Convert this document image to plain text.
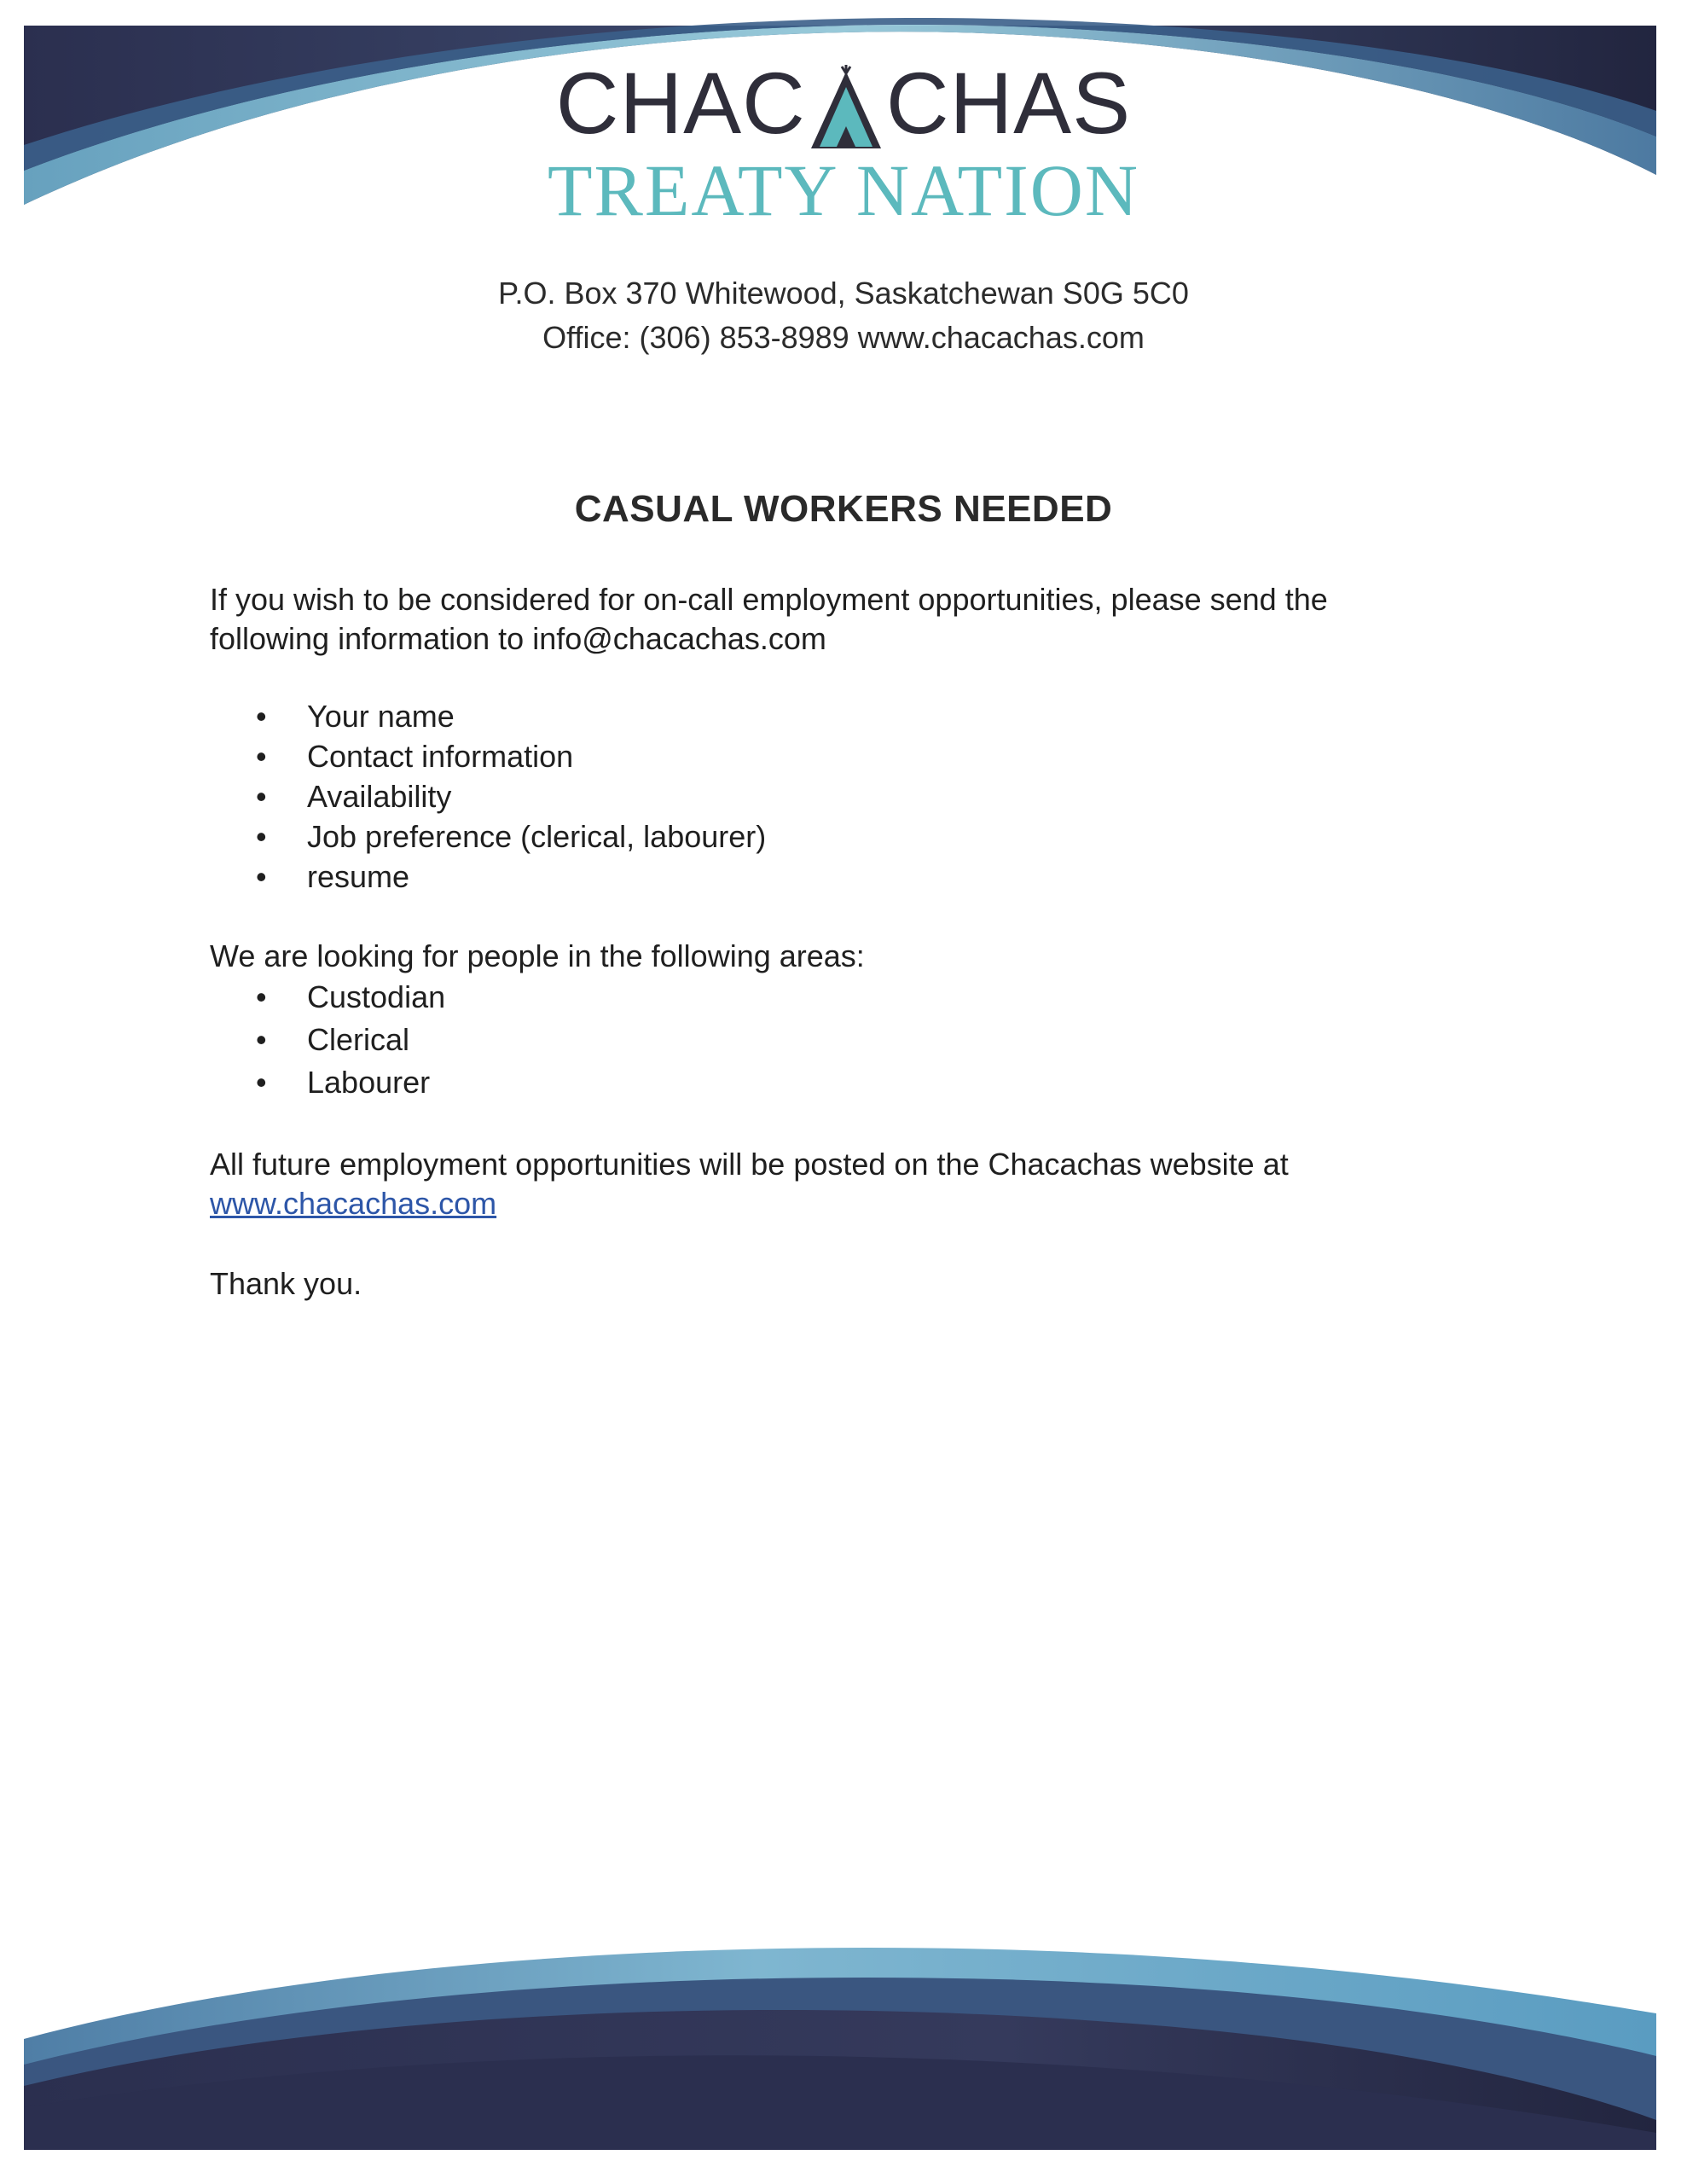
CHAC CHAS
TREATY NATION
P.O. Box 370 Whitewood, Saskatchewan S0G 5C0
Office: (306) 853-8989 www.chacachas.com
CASUAL WORKERS NEEDED
If you wish to be considered for on-call employment opportunities, please send the
following information to info@chacachas.com
• Your name
• Contact information
• Availability
• Job preference (clerical, labourer)
• resume
We are looking for people in the following areas:
• Custodian
• Clerical
• Labourer
All future employment opportunities will be posted on the Chacachas website at
www.chacachas.com
Thank you.
